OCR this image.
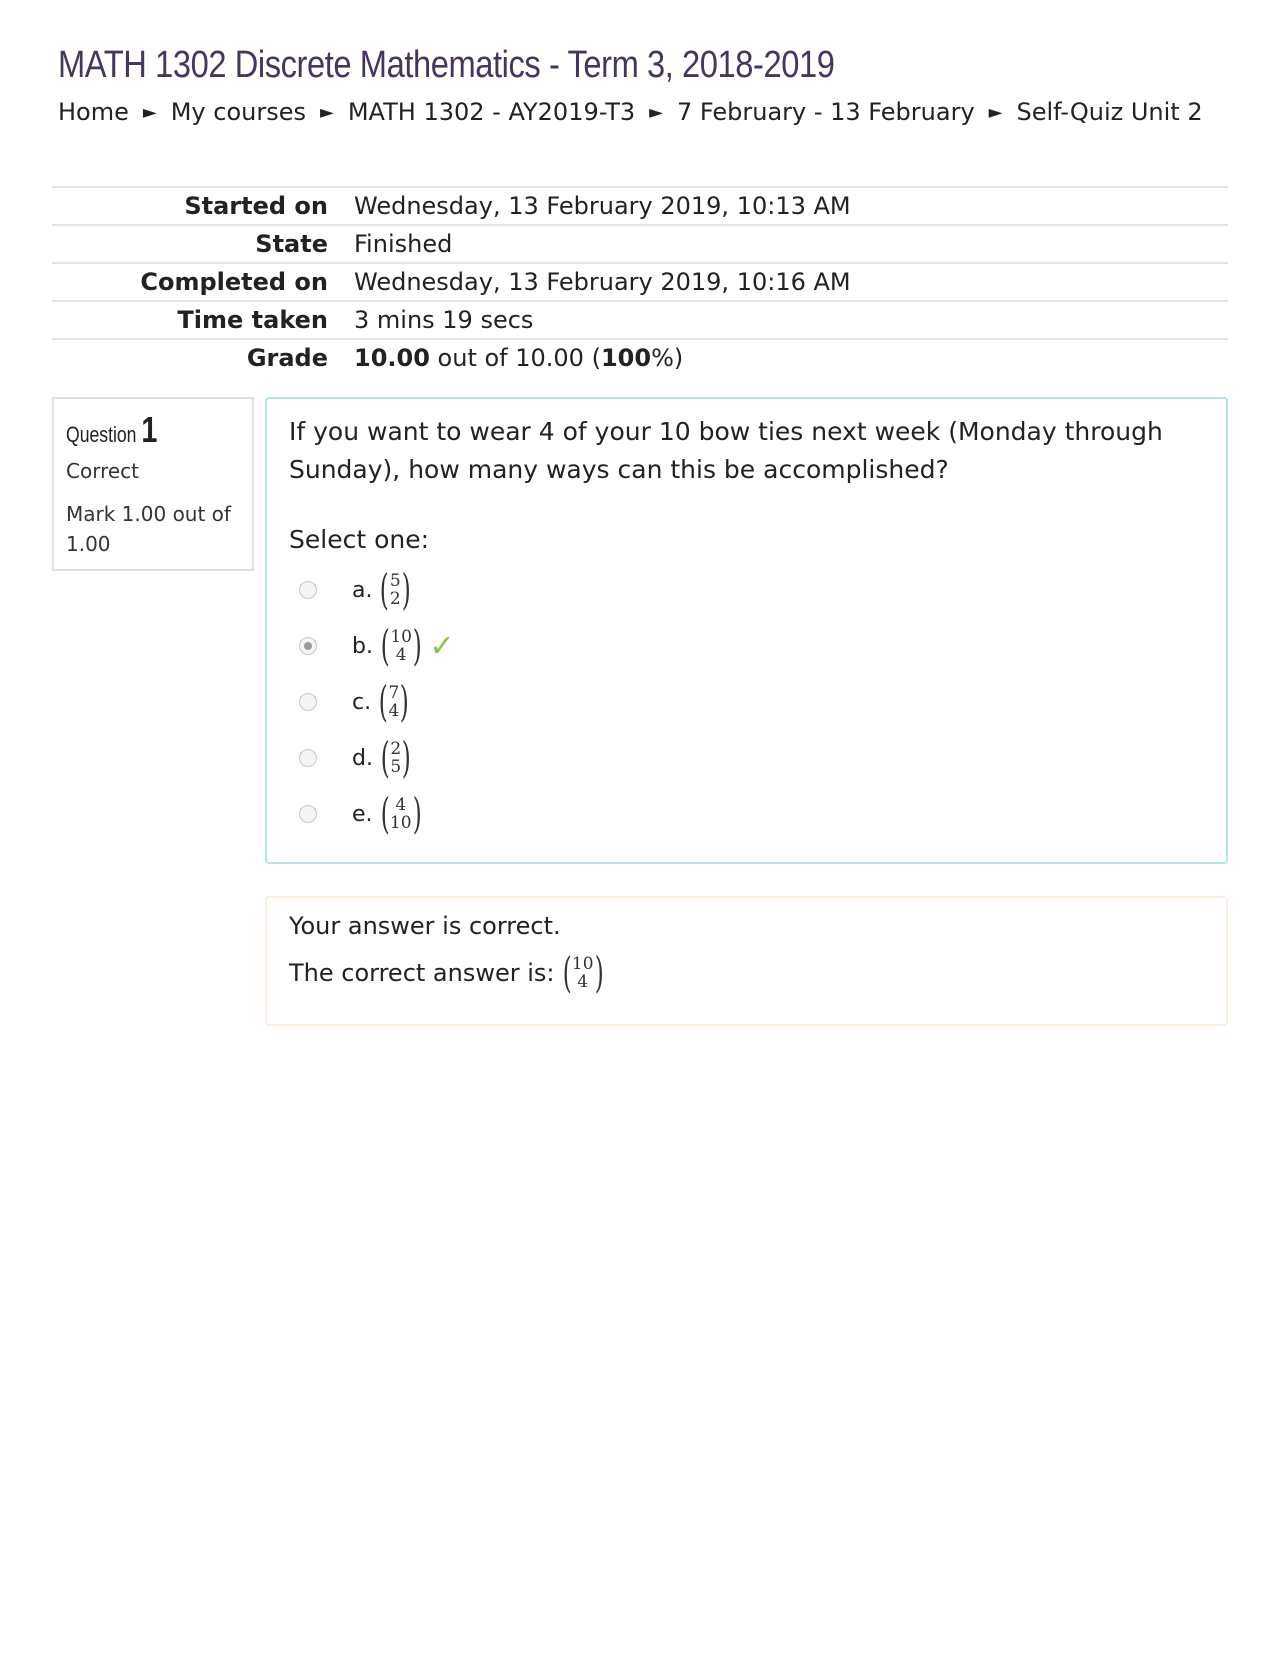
MATH 1302 Discrete Mathematics - Term 3, 2018-2019
Home ► My courses ► MATH 1302 - AY2019-T3 ► 7 February - 13 February ► Self-Quiz Unit 2
Started on	Wednesday, 13 February 2019, 10:13 AM
State	Finished
Completed on	Wednesday, 13 February 2019, 10:16 AM
Time taken	3 mins 19 secs
Grade	10.00 out of 10.00 (100%)
Question 1
Correct
Mark 1.00 out of 1.00
If you want to wear 4 of your 10 bow ties next week (Monday through Sunday), how many ways can this be accomplished?
Select one:
a. ( 5
2 )
b. ( 10
4 ) ✓
c. ( 7
4 )
d. ( 2
5 )
e. ( 4
10 )
Your answer is correct.
The correct answer is: ( 10
4 )
